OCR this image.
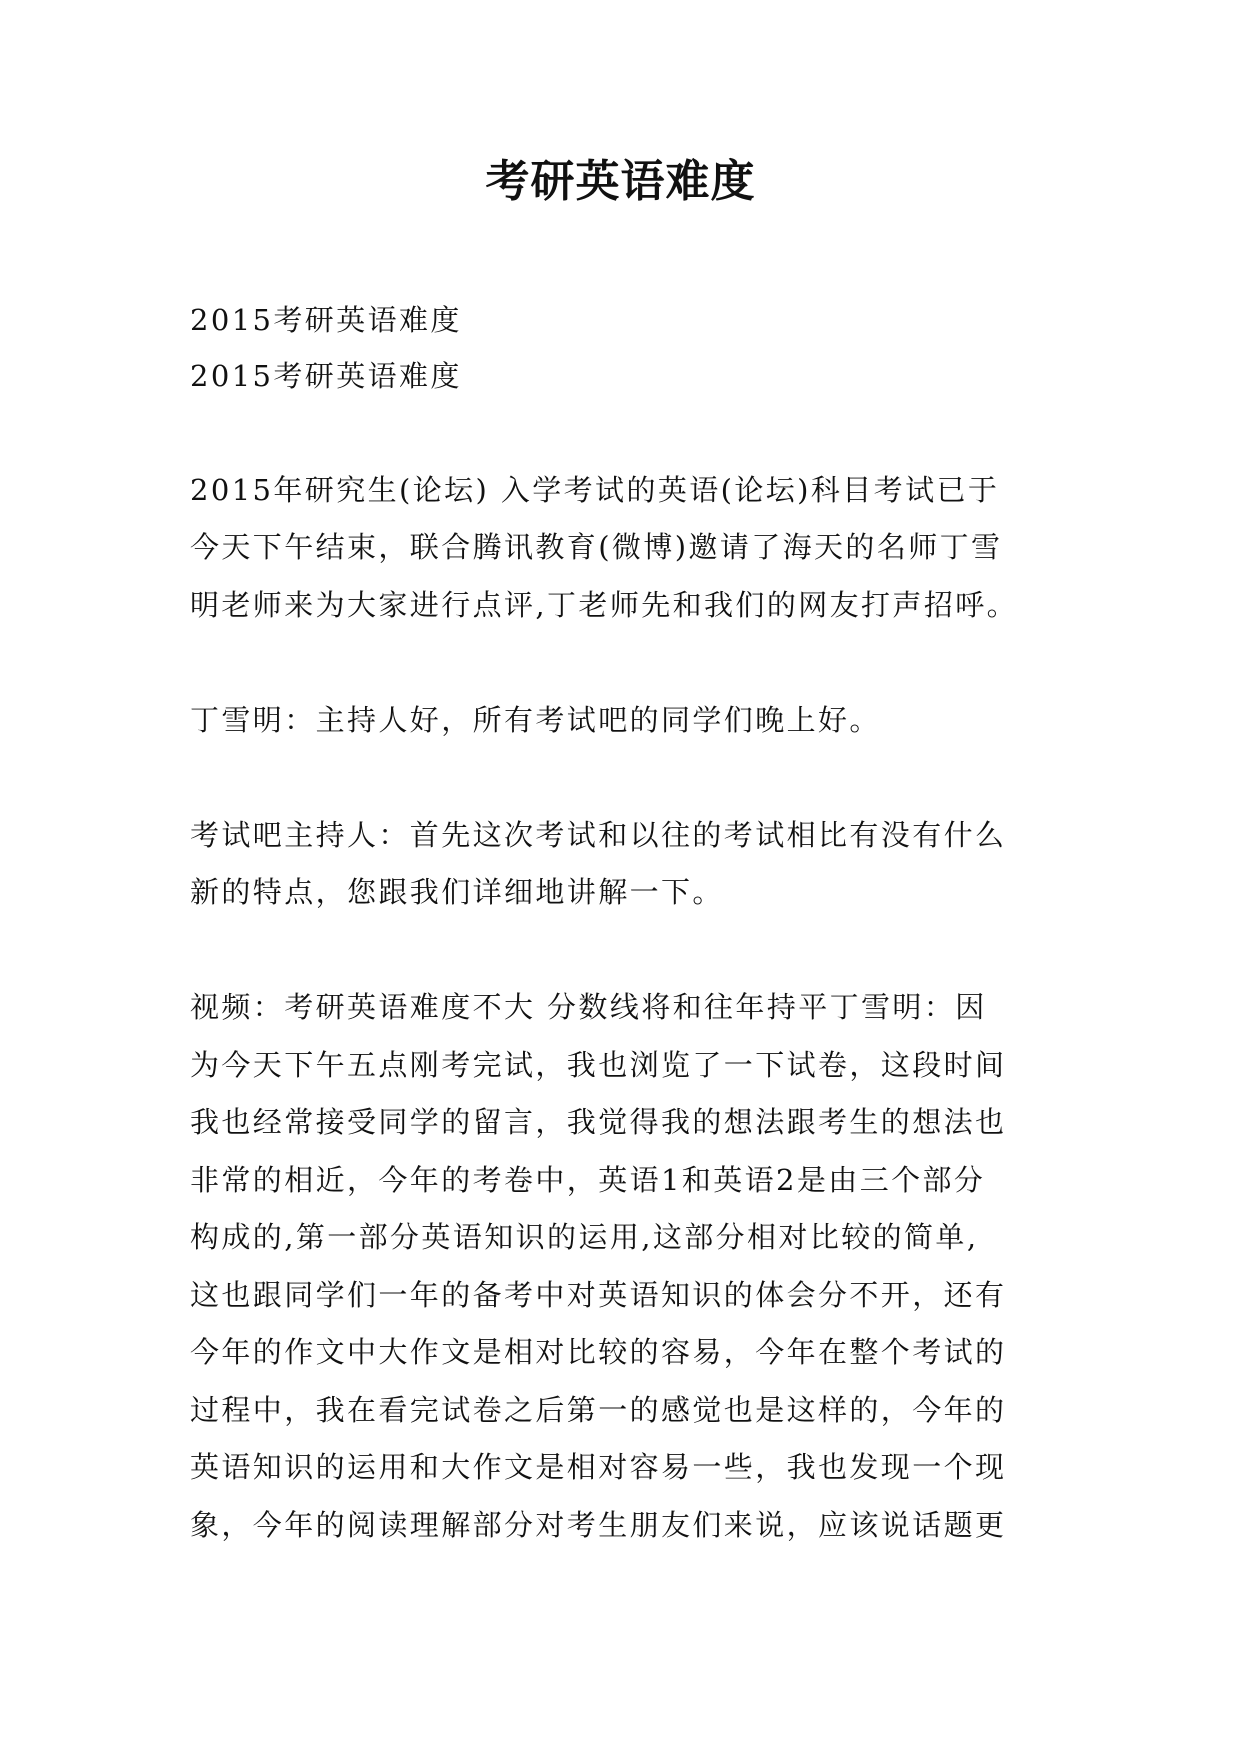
考研英语难度
2015考研英语难度
2015考研英语难度
2015年研究生(论坛) 入学考试的英语(论坛)科目考试已于
今天下午结束，联合腾讯教育(微博)邀请了海天的名师丁雪
明老师来为大家进行点评,丁老师先和我们的网友打声招呼。
丁雪明：主持人好，所有考试吧的同学们晚上好。
考试吧主持人：首先这次考试和以往的考试相比有没有什么
新的特点，您跟我们详细地讲解一下。
视频：考研英语难度不大 分数线将和往年持平丁雪明：因
为今天下午五点刚考完试，我也浏览了一下试卷，这段时间
我也经常接受同学的留言，我觉得我的想法跟考生的想法也
非常的相近，今年的考卷中，英语1和英语2是由三个部分
构成的,第一部分英语知识的运用,这部分相对比较的简单,
这也跟同学们一年的备考中对英语知识的体会分不开，还有
今年的作文中大作文是相对比较的容易，今年在整个考试的
过程中，我在看完试卷之后第一的感觉也是这样的，今年的
英语知识的运用和大作文是相对容易一些，我也发现一个现
象，今年的阅读理解部分对考生朋友们来说，应该说话题更
